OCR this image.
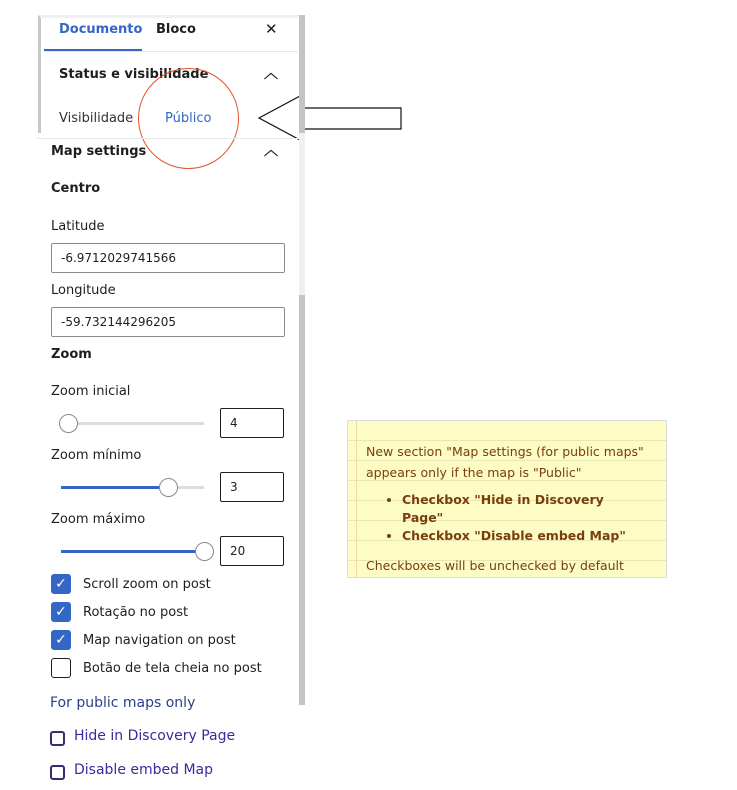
Documento Bloco	✕
Status e visibilidade	︿
Visibilidade Público
Map settings	︿
Centro
Latitude
-6.9712029741566
Longitude
-59.732144296205
Zoom
Zoom inicial
4
Zoom mínimo
3
Zoom máximo
20
✓	Scroll zoom on post
✓	Rotação no post
✓	Map navigation on post
Botão de tela cheia no post
For public maps only
Hide in Discovery Page
Disable embed Map

New section "Map settings (for public maps" appears only if the map is "Public"

• Checkbox "Hide in Discovery Page"
• Checkbox "Disable embed Map"

Checkboxes will be unchecked by default
